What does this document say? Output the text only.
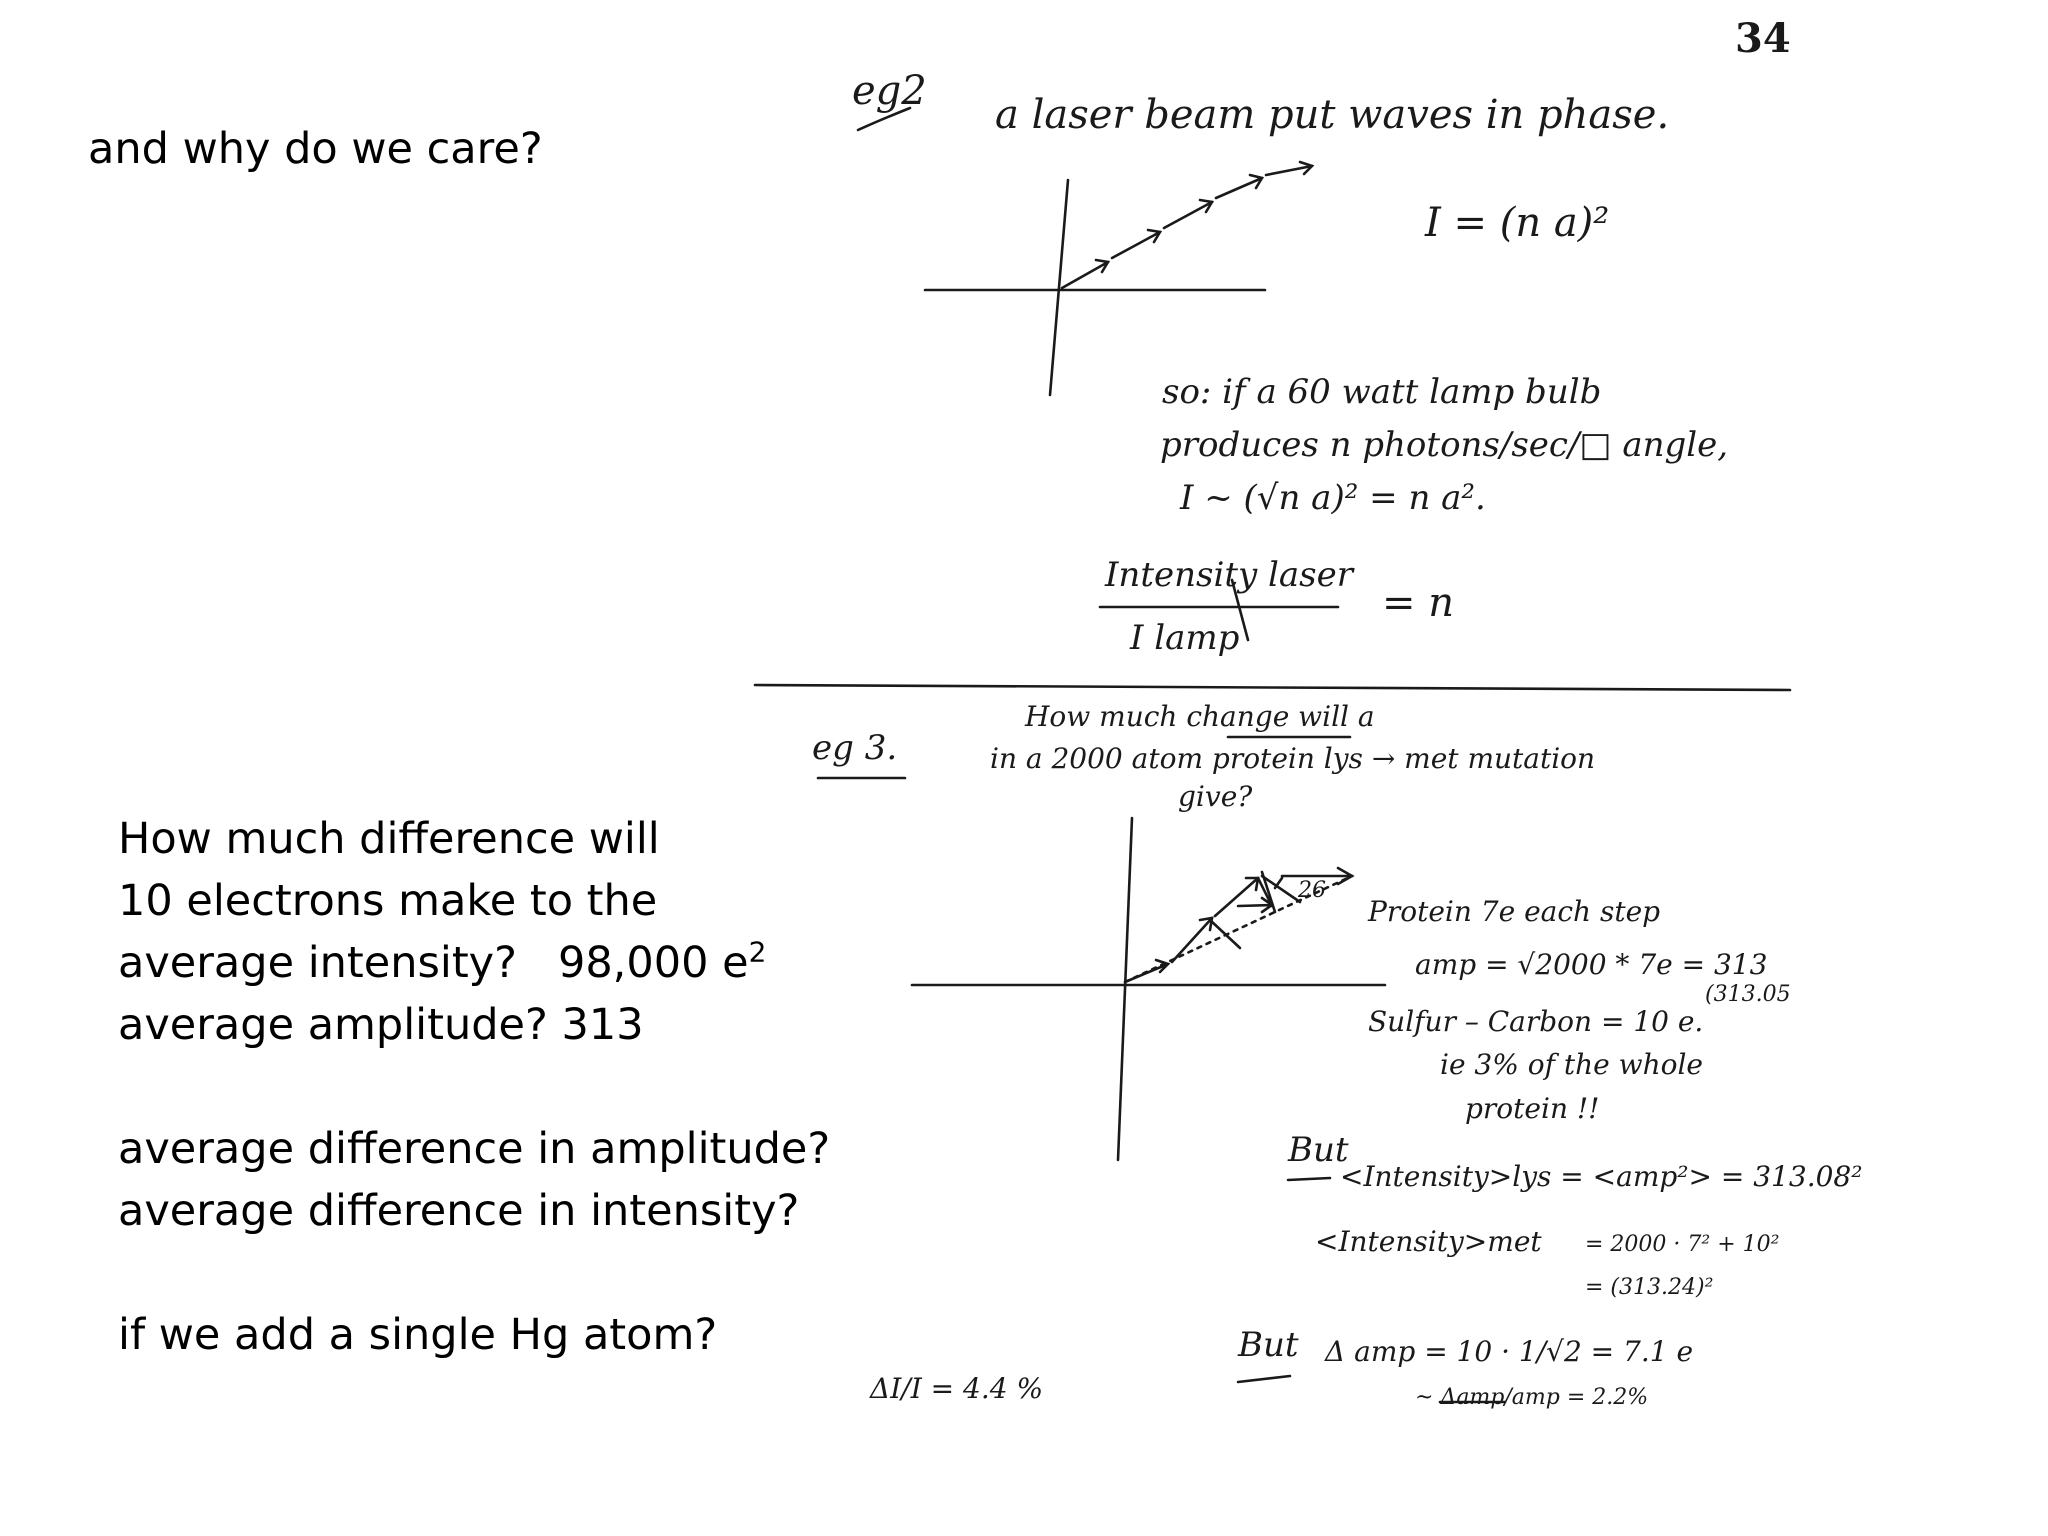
and why do we care?
How much difference will
10 electrons make to the
average intensity? 98,000 $e^2$
average amplitude? 313
average difference in amplitude?
average difference in intensity?
if we add a single Hg atom?
34
eg2
a laser beam put waves in phase.
I = (n a)²
so: if a 60 watt lamp bulb
produces n photons/sec/□ angle,
I ~ (√n a)² = n a².
Intensity laser
I lamp
= n
eg 3.
How much change will a
in a 2000 atom protein lys → met mutation
give?
26
Protein 7e each step
amp = √2000 * 7e = 313
(313.05
Sulfur – Carbon = 10 e.
ie 3% of the whole
protein !!
But
<Intensity>lys = <amp²> = 313.08²
<Intensity>met = 2000 · 7² + 10²
= (313.24)²
But Δ amp = 10 · 1/√2 = 7.1 e
~ Δamp/amp = 2.2%
ΔI/I = 4.4 %
